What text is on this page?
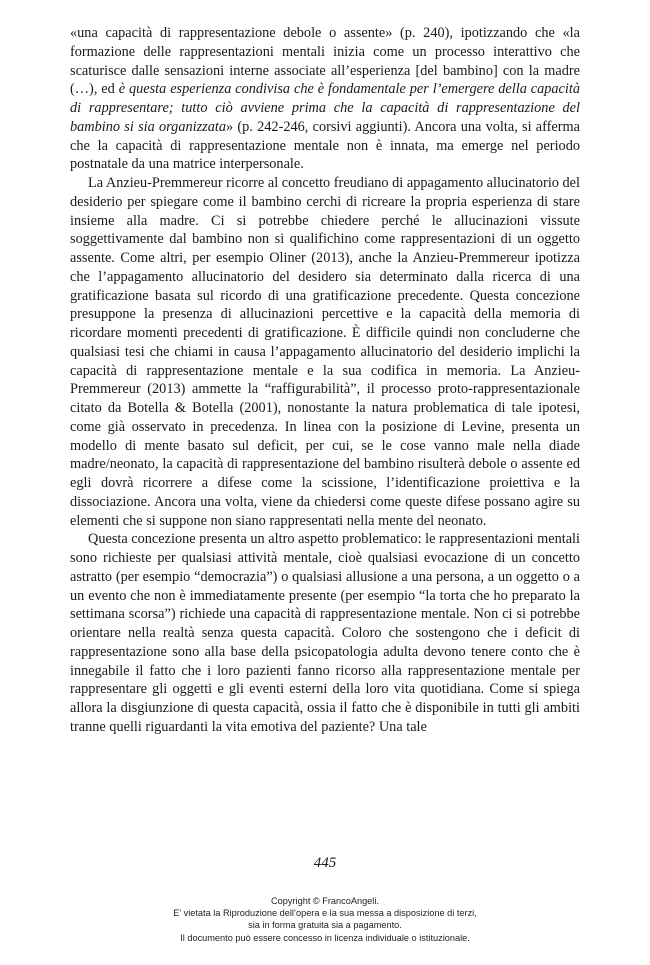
«una capacità di rappresentazione debole o assente» (p. 240), ipotizzando che «la formazione delle rappresentazioni mentali inizia come un processo interattivo che scaturisce dalle sensazioni interne associate all’esperienza [del bambino] con la madre (…), ed è questa esperienza condivisa che è fondamentale per l’emergere della capacità di rappresentare; tutto ciò avviene prima che la capacità di rappresentazione del bambino si sia organizzata» (p. 242-246, corsivi aggiunti). Ancora una volta, si afferma che la capacità di rappresentazione mentale non è innata, ma emerge nel periodo postnatale da una matrice interpersonale.

La Anzieu-Premmereur ricorre al concetto freudiano di appagamento allucinatorio del desiderio per spiegare come il bambino cerchi di ricreare la propria esperienza di stare insieme alla madre. Ci si potrebbe chiedere perché le allucinazioni vissute soggettivamente dal bambino non si qualifichino come rappresentazioni di un oggetto assente. Come altri, per esempio Oliner (2013), anche la Anzieu-Premmereur ipotizza che l’appagamento allucinatorio del desidero sia determinato dalla ricerca di una gratificazione basata sul ricordo di una gratificazione precedente. Questa concezione presuppone la presenza di allucinazioni percettive e la capacità della memoria di ricordare momenti precedenti di gratificazione. È difficile quindi non concluderne che qualsiasi tesi che chiami in causa l’appagamento allucinatorio del desiderio implichi la capacità di rappresentazione mentale e la sua codifica in memoria. La Anzieu-Premmereur (2013) ammette la “raffigurabilità”, il processo proto-rappresentazionale citato da Botella & Botella (2001), nonostante la natura problematica di tale ipotesi, come già osservato in precedenza. In linea con la posizione di Levine, presenta un modello di mente basato sul deficit, per cui, se le cose vanno male nella diade madre/neonato, la capacità di rappresentazione del bambino risulterà debole o assente ed egli dovrà ricorrere a difese come la scissione, l’identificazione proiettiva e la dissociazione. Ancora una volta, viene da chiedersi come queste difese possano agire su elementi che si suppone non siano rappresentati nella mente del neonato.

Questa concezione presenta un altro aspetto problematico: le rappresentazioni mentali sono richieste per qualsiasi attività mentale, cioè qualsiasi evocazione di un concetto astratto (per esempio “democrazia”) o qualsiasi allusione a una persona, a un oggetto o a un evento che non è immediatamente presente (per esempio “la torta che ho preparato la settimana scorsa”) richiede una capacità di rappresentazione mentale. Non ci si potrebbe orientare nella realtà senza questa capacità. Coloro che sostengono che i deficit di rappresentazione sono alla base della psicopatologia adulta devono tenere conto che è innegabile il fatto che i loro pazienti fanno ricorso alla rappresentazione mentale per rappresentare gli oggetti e gli eventi esterni della loro vita quotidiana. Come si spiega allora la disgiunzione di questa capacità, ossia il fatto che è disponibile in tutti gli ambiti tranne quelli riguardanti la vita emotiva del paziente? Una tale

445
Copyright © FrancoAngeli.
E’ vietata la Riproduzione dell’opera e la sua messa a disposizione di terzi,
sia in forma gratuita sia a pagamento.
Il documento può essere concesso in licenza individuale o istituzionale.
